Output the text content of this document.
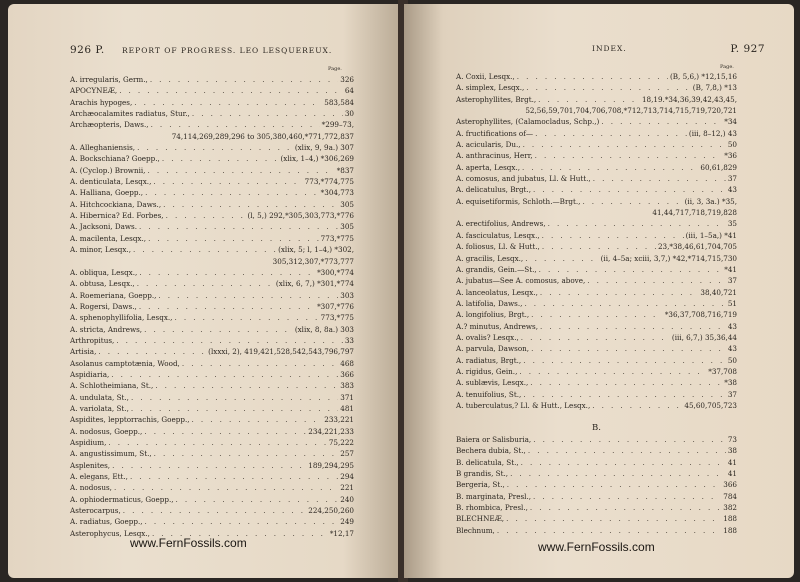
926 P. REPORT OF PROGRESS. LEO LESQUEREUX.
Page.
A. irregularis, Germ., . . .	326
APOCYNEÆ, . . .	64
Arachis hypoges, . . .	583,584
Archæocalamites radiatus, Stur., . . .	30
Archæopteris, Daws., . . .	*299–73,
74,114,269,289,296 to 305,380,460,*771,772,837
A. Alleghaniensis, . . .	(xlix, 9, 9a.) 307
A. Bockschiana? Goepp., . . .	(xlix, 1–4,) *306,269
A. (Cyclop.) Brownii, . . .	*837
A. denticulata, Lesqx., . . .	773,*774,775
A. Halliana, Goepp., . . .	*304,773
A. Hitchcockiana, Daws., . . .	305
A. Hibernica? Ed. Forbes, . . .	(l, 5,) 292,*305,303,773,*776
A. Jacksoni, Daws. . . .	305
A. macilenta, Lesqx., . . .	773,*775
A. minor, Lesqx., . . .	(xlix, 5; l, 1–4,) *302,
305,312,307,*773,777
A. obliqua, Lesqx., . . .	*300,*774
A. obtusa, Lesqx., . . .	(xlix, 6, 7,) *301,*774
A. Roemeriana, Goepp., . . .	303
A. Rogersi, Daws., . . .	*307,*776
A. sphenophyllifolia, Lesqx., . . .	773,*775
A. stricta, Andrews, . . .	(xlix, 8, 8a.) 303
Arthropitus, . . .	33
Artisia, . . .	(lxxxi, 2), 419,421,528,542,543,796,797
Asolanus camptotænia, Wood, . . .	468
Aspidiaria, . . .	366
A. Schlotheimiana, St., . . .	383
A. undulata, St., . . .	371
A. variolata, St., . . .	481
Aspidites, lepptorrachis, Goepp., . . .	233,221
A. nodosus, Goepp., . . .	234,221,233
Aspidium, . . .	75,222
A. angustissimum, St., . . .	257
Asplenites, . . .	189,294,295
A. elegans, Ett., . . .	294
A. nodosus, . . .	221
A. ophiodermaticus, Goepp., . . .	240
Asterocarpus, . . .	224,250,260
A. radiatus, Goepp., . . .	249
Asterophycus, Lesqx., . . .	*12,17
www.FernFossils.com
INDEX.	P. 927
Page.
A. Coxii, Lesqx., . . .	(B, 5,6,) *12,15,16
A. simplex, Lesqx., . . .	(B, 7,8,) *13
Asterophyllites, Brgt., . . .	18,19.*34,36,39,42,43,45,
52,56,59,701,704,706,708,*712,713,714,715,719,720,721
Asterophyllites, (Calamocladus, Schp.,) . . .	*34
A. fructifications of— . . .	(iii, 8–12,) 43
A. acicularis, Du., . . .	50
A. anthracinus, Herr, . . .	*36
A. aperta, Lesqx., . . .	60,61,829
A. comosus, and jubatus, Ll. & Hutt., . . .	37
A. delicatulus, Brgt., . . .	43
A. equisetiformis, Schloth.—Brgt., . . .	(ii, 3, 3a.) *35,
41,44,717,718,719,828
A. erectifolius, Andrews, . . .	35
A. fasciculatus, Lesqx., . . .	(iii, 1–5a,) *41
A. foliosus, Ll. & Hutt., . . .	23,*38,46,61,704,705
A. gracilis, Lesqx., . . .	(ii, 4–5a; xciii, 3,7,) *42,*714,715,730
A. grandis, Gein.—St., . . .	*41
A. jubatus—See A. comosus, above, . . .	37
A. lanceolatus, Lesqx., . . .	38,40,721
A. latifolia, Daws., . . .	51
A. longifolius, Brgt., . . .	*36,37,708,716,719
A.? minutus, Andrews, . . .	43
A. ovalis? Lesqx., . . .	(iii, 6,7,) 35,36,44
A. parvula, Dawson, . . .	43
A. radiatus, Brgt., . . .	50
A. rigidus, Gein., . . .	*37,708
A. sublævis, Lesqx., . . .	*38
A. tenuifolius, St., . . .	37
A. tuberculatus,? Ll. & Hutt., Lesqx., . . .	45,60,705,723
B.
Baiera or Salisburia, . . .	73
Bechera dubia, St., . . .	38
B. delicatula, St., . . .	41
B grandis, St., . . .	41
Bergeria, St., . . .	366
B. marginata, Presl., . . .	784
B. rhombica, Presl., . . .	382
BLECHNEÆ, . . .	188
Blechnum, . . .	188
www.FernFossils.com
